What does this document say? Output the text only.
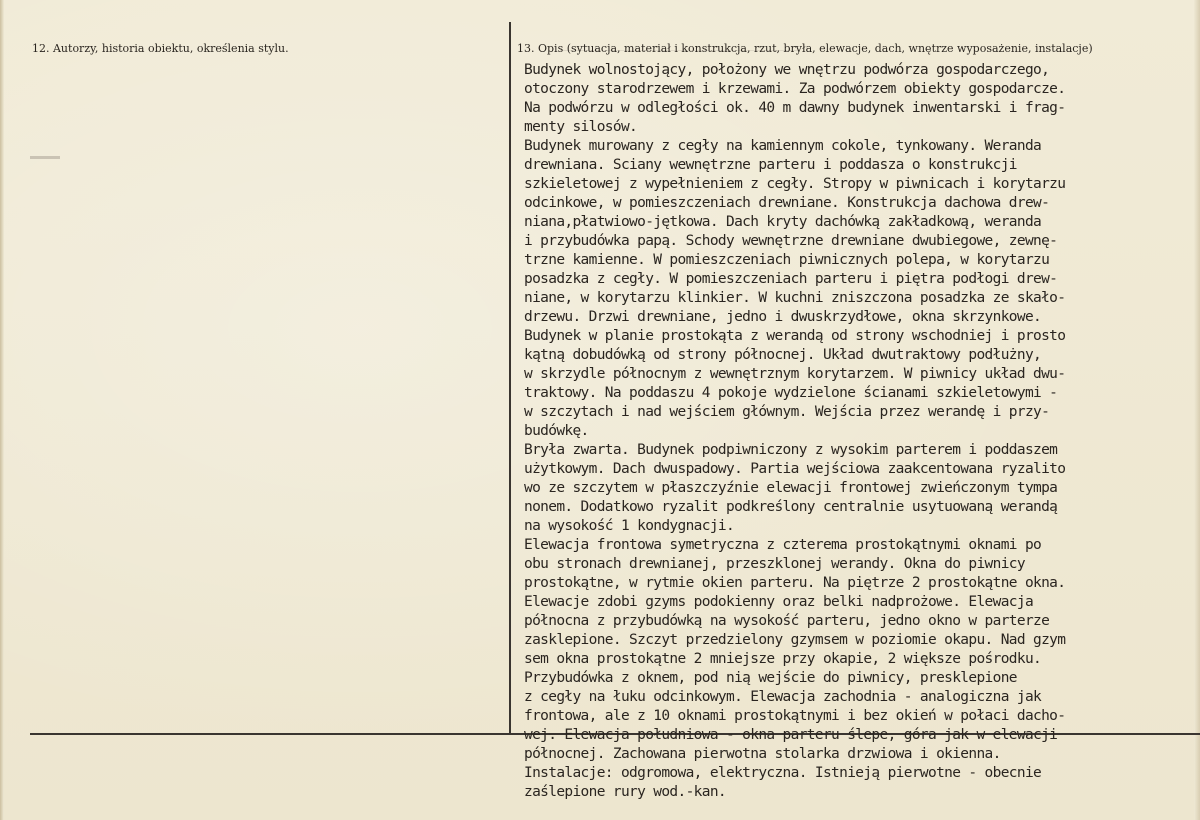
12. Autorzy, historia obiektu, określenia stylu.	13. Opis (sytuacja, materiał i konstrukcja, rzut, bryła, elewacje, dach, wnętrze wyposażenie, instalacje)
Budynek wolnostojący, położony we wnętrzu podwórza gospodarczego,
otoczony starodrzewem i krzewami. Za podwórzem obiekty gospodarcze.
Na podwórzu w odległości ok. 40 m dawny budynek inwentarski i frag-
menty silosów.
Budynek murowany z cegły na kamiennym cokole, tynkowany. Weranda
drewniana. Sciany wewnętrzne parteru i poddasza o konstrukcji
szkieletowej z wypełnieniem z cegły. Stropy w piwnicach i korytarzu
odcinkowe, w pomieszczeniach drewniane. Konstrukcja dachowa drew-
niana,płatwiowo-jętkowa. Dach kryty dachówką zakładkową, weranda
i przybudówka papą. Schody wewnętrzne drewniane dwubiegowe, zewnę-
trzne kamienne. W pomieszczeniach piwnicznych polepa, w korytarzu
posadzka z cegły. W pomieszczeniach parteru i piętra podłogi drew-
niane, w korytarzu klinkier. W kuchni zniszczona posadzka ze skało-
drzewu. Drzwi drewniane, jedno i dwuskrzydłowe, okna skrzynkowe.
Budynek w planie prostokąta z werandą od strony wschodniej i prosto
kątną dobudówką od strony północnej. Układ dwutraktowy podłużny,
w skrzydle północnym z wewnętrznym korytarzem. W piwnicy układ dwu-
traktowy. Na poddaszu 4 pokoje wydzielone ścianami szkieletowymi -
w szczytach i nad wejściem głównym. Wejścia przez werandę i przy-
budówkę.
Bryła zwarta. Budynek podpiwniczony z wysokim parterem i poddaszem
użytkowym. Dach dwuspadowy. Partia wejściowa zaakcentowana ryzalito
wo ze szczytem w płaszczyźnie elewacji frontowej zwieńczonym tympa
nonem. Dodatkowo ryzalit podkreślony centralnie usytuowaną werandą
na wysokość 1 kondygnacji.
Elewacja frontowa symetryczna z czterema prostokątnymi oknami po
obu stronach drewnianej, przeszklonej werandy. Okna do piwnicy
prostokątne, w rytmie okien parteru. Na piętrze 2 prostokątne okna.
Elewacje zdobi gzyms podokienny oraz belki nadprożowe. Elewacja
północna z przybudówką na wysokość parteru, jedno okno w parterze
zasklepione. Szczyt przedzielony gzymsem w poziomie okapu. Nad gzym
sem okna prostokątne 2 mniejsze przy okapie, 2 większe pośrodku.
Przybudówka z oknem, pod nią wejście do piwnicy, presklepione
z cegły na łuku odcinkowym. Elewacja zachodnia - analogiczna jak
frontowa, ale z 10 oknami prostokątnymi i bez okień w połaci dacho-
wej. Elewacja południowa - okna parteru ślepe, góra jak w elewacji
północnej. Zachowana pierwotna stolarka drzwiowa i okienna.
Instalacje: odgromowa, elektryczna. Istnieją pierwotne - obecnie
zaślepione rury wod.-kan.
